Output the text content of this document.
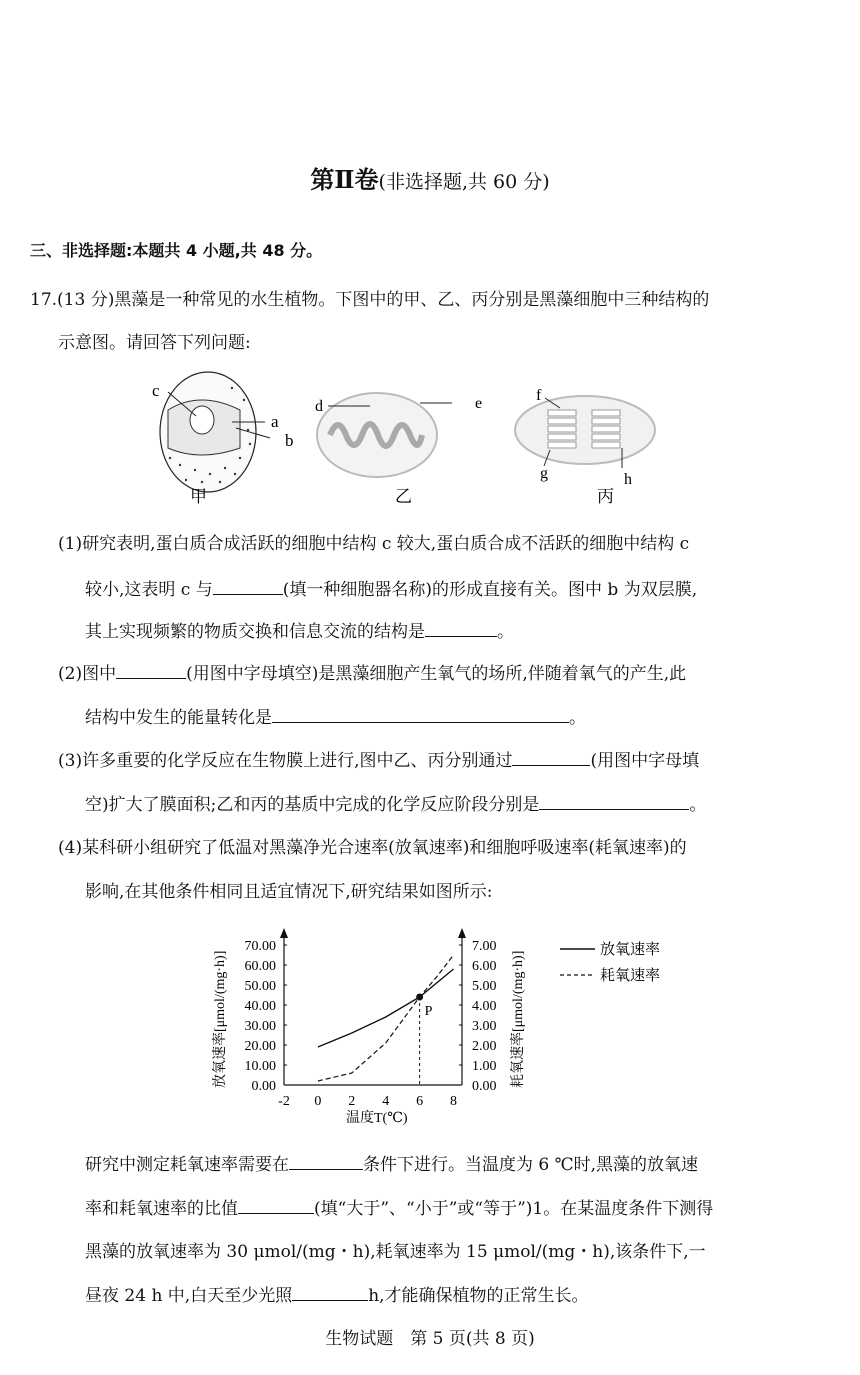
第Ⅱ卷(非选择题,共 60 分)
三、非选择题:本题共 4 小题,共 48 分。
17.(13 分)黑藻是一种常见的水生植物。下图中的甲、乙、丙分别是黑藻细胞中三种结构的
示意图。请回答下列问题:
c
a
b
甲
d	e
乙
f
g	h
丙
(1)研究表明,蛋白质合成活跃的细胞中结构 c 较大,蛋白质合成不活跃的细胞中结构 c
较小,这表明 c 与	(填一种细胞器名称)的形成直接有关。图中 b 为双层膜,
其上实现频繁的物质交换和信息交流的结构是	。
(2)图中	(用图中字母填空)是黑藻细胞产生氧气的场所,伴随着氧气的产生,此
结构中发生的能量转化是	。
(3)许多重要的化学反应在生物膜上进行,图中乙、丙分别通过	(用图中字母填
空)扩大了膜面积;乙和丙的基质中完成的化学反应阶段分别是	。
(4)某科研小组研究了低温对黑藻净光合速率(放氧速率)和细胞呼吸速率(耗氧速率)的
影响,在其他条件相同且适宜情况下,研究结果如图所示:
0.00
10.00
20.00
30.00
40.00
50.00
60.00
70.00
0.00
1.00
2.00
3.00
4.00
5.00
6.00
7.00
-2 0 2 4 6 8
P
温度T(℃)
放氧速率[μmol/(mg·h)]	耗氧速率[μmol/(mg·h)]
放氧速率
耗氧速率
研究中测定耗氧速率需要在	条件下进行。当温度为 6 ℃时,黑藻的放氧速
率和耗氧速率的比值	(填“大于”、“小于”或“等于”)1。在某温度条件下测得
黑藻的放氧速率为 30 μmol/(mg・h),耗氧速率为 15 μmol/(mg・h),该条件下,一
昼夜 24 h 中,白天至少光照	h,才能确保植物的正常生长。
生物试题　第 5 页(共 8 页)
